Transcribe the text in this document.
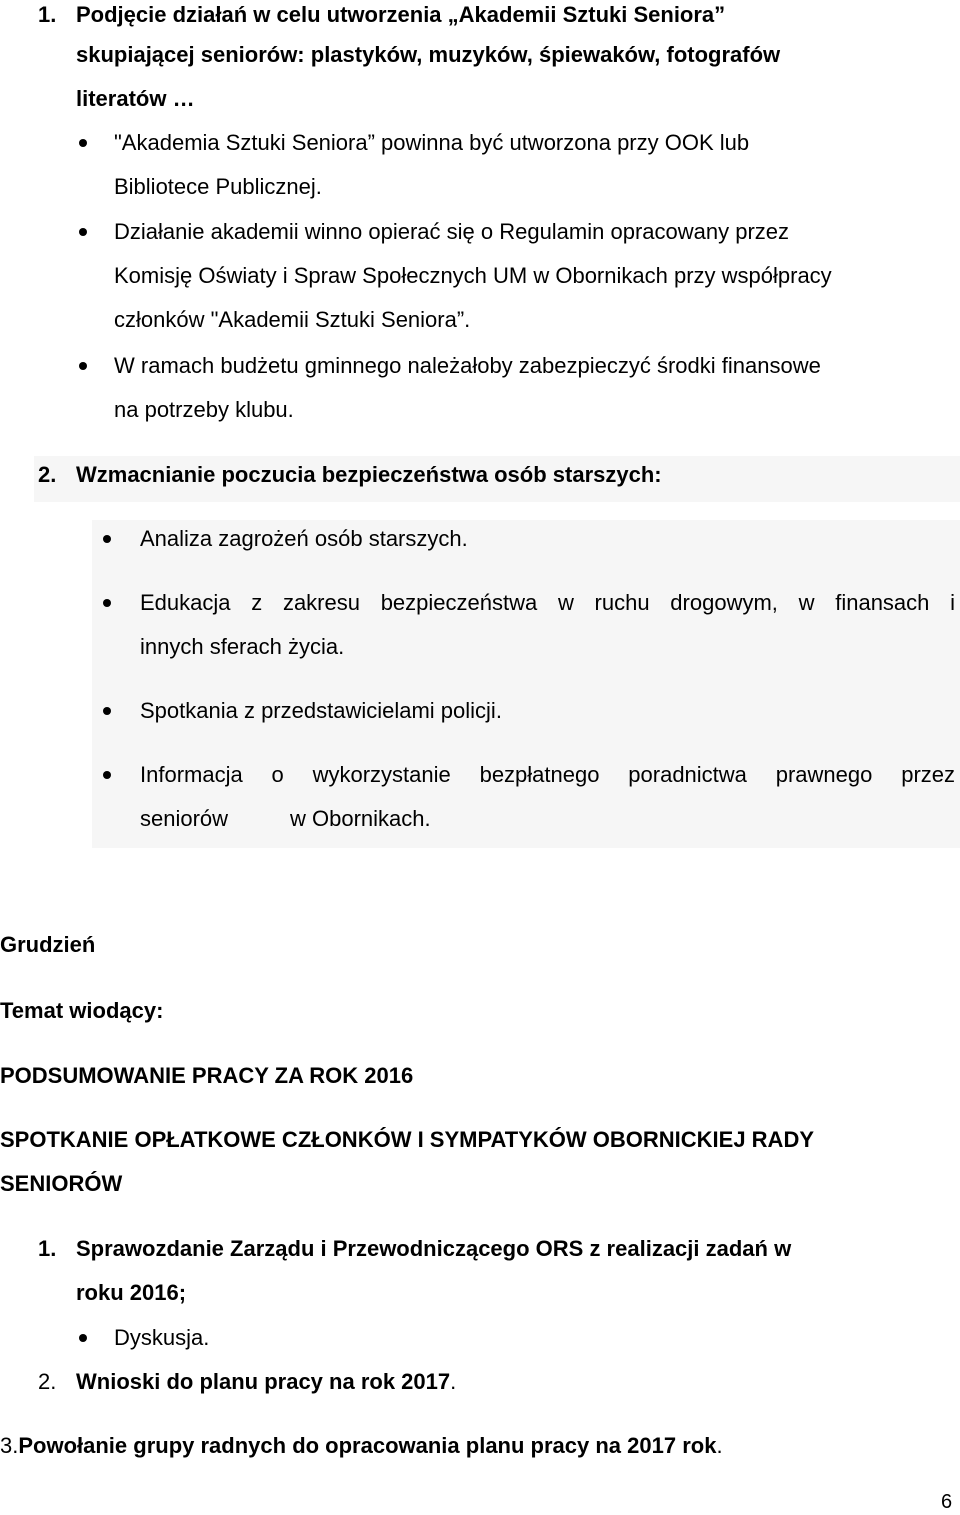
1. Podjęcie działań w celu utworzenia „Akademii Sztuki Seniora”
skupiającej seniorów: plastyków, muzyków, śpiewaków, fotografów
literatów …
"Akademia Sztuki Seniora” powinna być utworzona przy OOK lub
Bibliotece Publicznej.
Działanie akademii winno opierać się o Regulamin opracowany przez
Komisję Oświaty i Spraw Społecznych UM w Obornikach przy współpracy
członków "Akademii Sztuki Seniora”.
W ramach budżetu gminnego należałoby zabezpieczyć środki finansowe
na potrzeby klubu.
2. Wzmacnianie poczucia bezpieczeństwa osób starszych:
Analiza zagrożeń osób starszych.
Edukacja z zakresu bezpieczeństwa w ruchu drogowym, w finansach i
innych sferach życia.
Spotkania z przedstawicielami policji.
Informacja o wykorzystanie bezpłatnego poradnictwa prawnego przez
seniorów	w Obornikach.
Grudzień
Temat wiodący:
PODSUMOWANIE PRACY ZA ROK 2016
SPOTKANIE OPŁATKOWE CZŁONKÓW I SYMPATYKÓW OBORNICKIEJ RADY
SENIORÓW
1. Sprawozdanie Zarządu i Przewodniczącego ORS z realizacji zadań w
roku 2016;
Dyskusja.
2. Wnioski do planu pracy na rok 2017.
3.Powołanie grupy radnych do opracowania planu pracy na 2017 rok.
6
